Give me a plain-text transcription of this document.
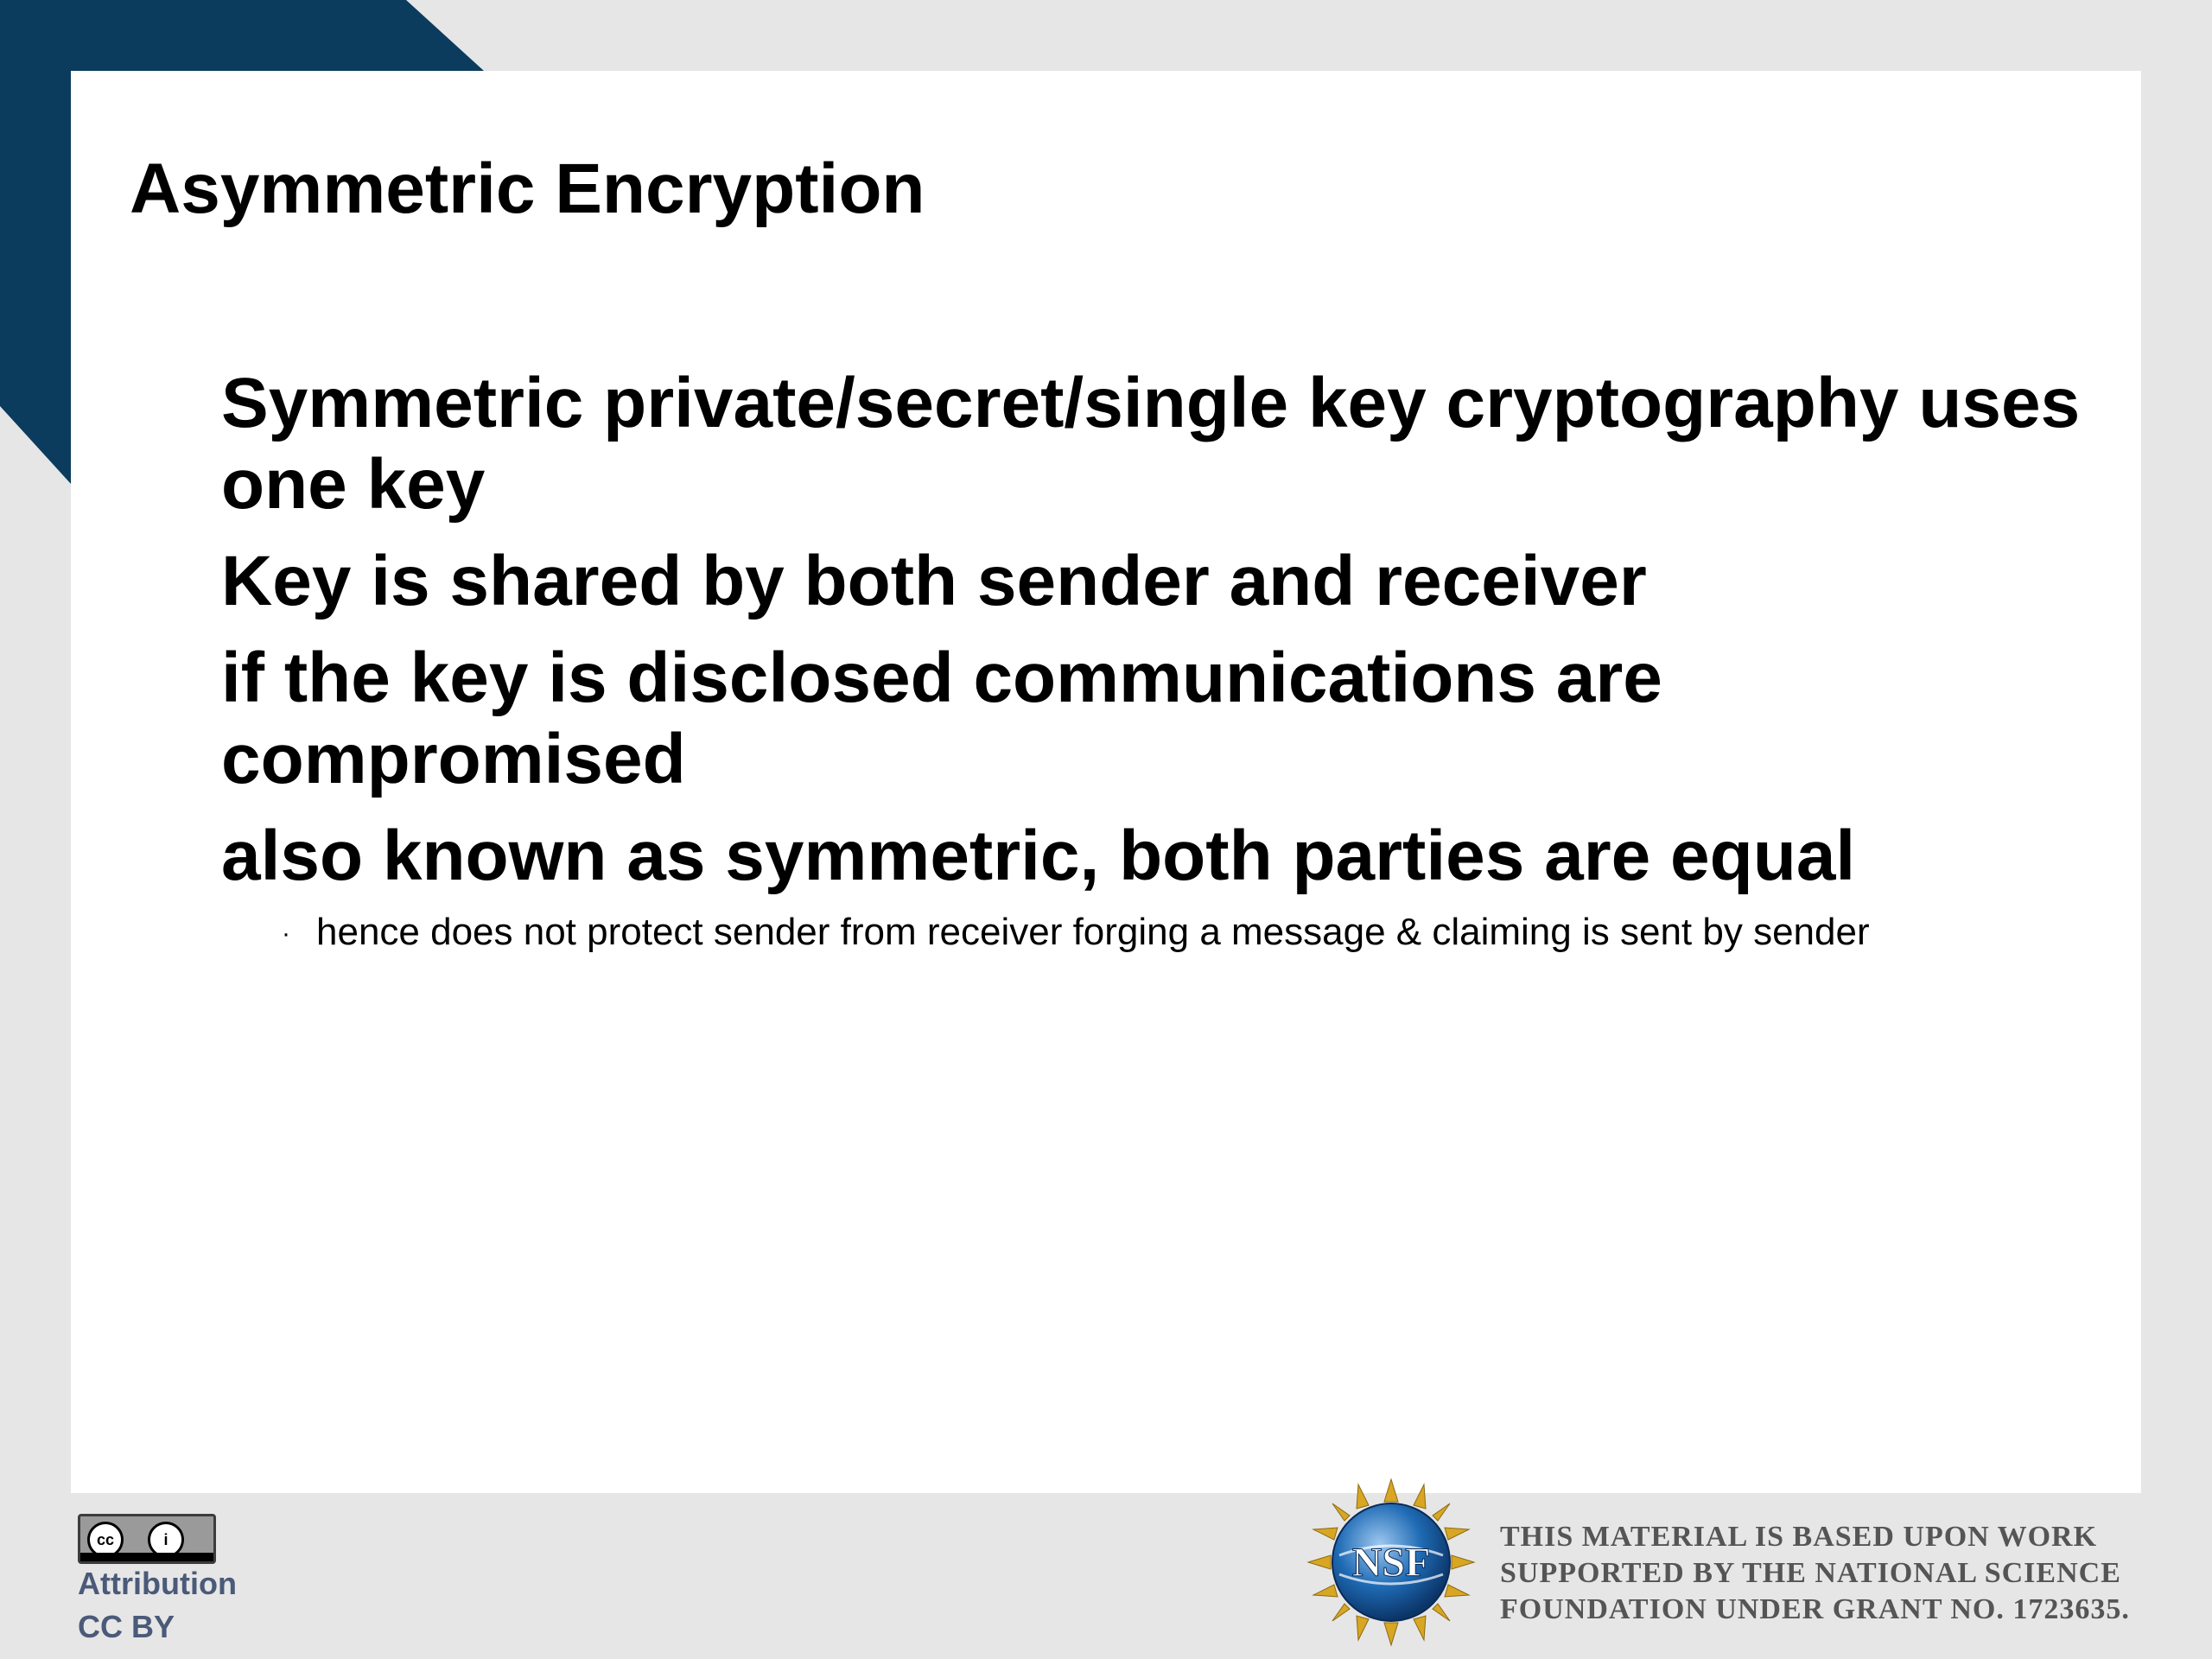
Asymmetric Encryption
Symmetric private/secret/single key cryptography uses one key
Key is shared by both sender and receiver
if the key is disclosed communications are compromised
also known as symmetric, both parties are equal
· hence does not protect sender from receiver forging a message & claiming is sent by sender
cc	i
Attribution
CC BY
NSF
THIS MATERIAL IS BASED UPON WORK
SUPPORTED BY THE NATIONAL SCIENCE
FOUNDATION UNDER GRANT NO. 1723635.
